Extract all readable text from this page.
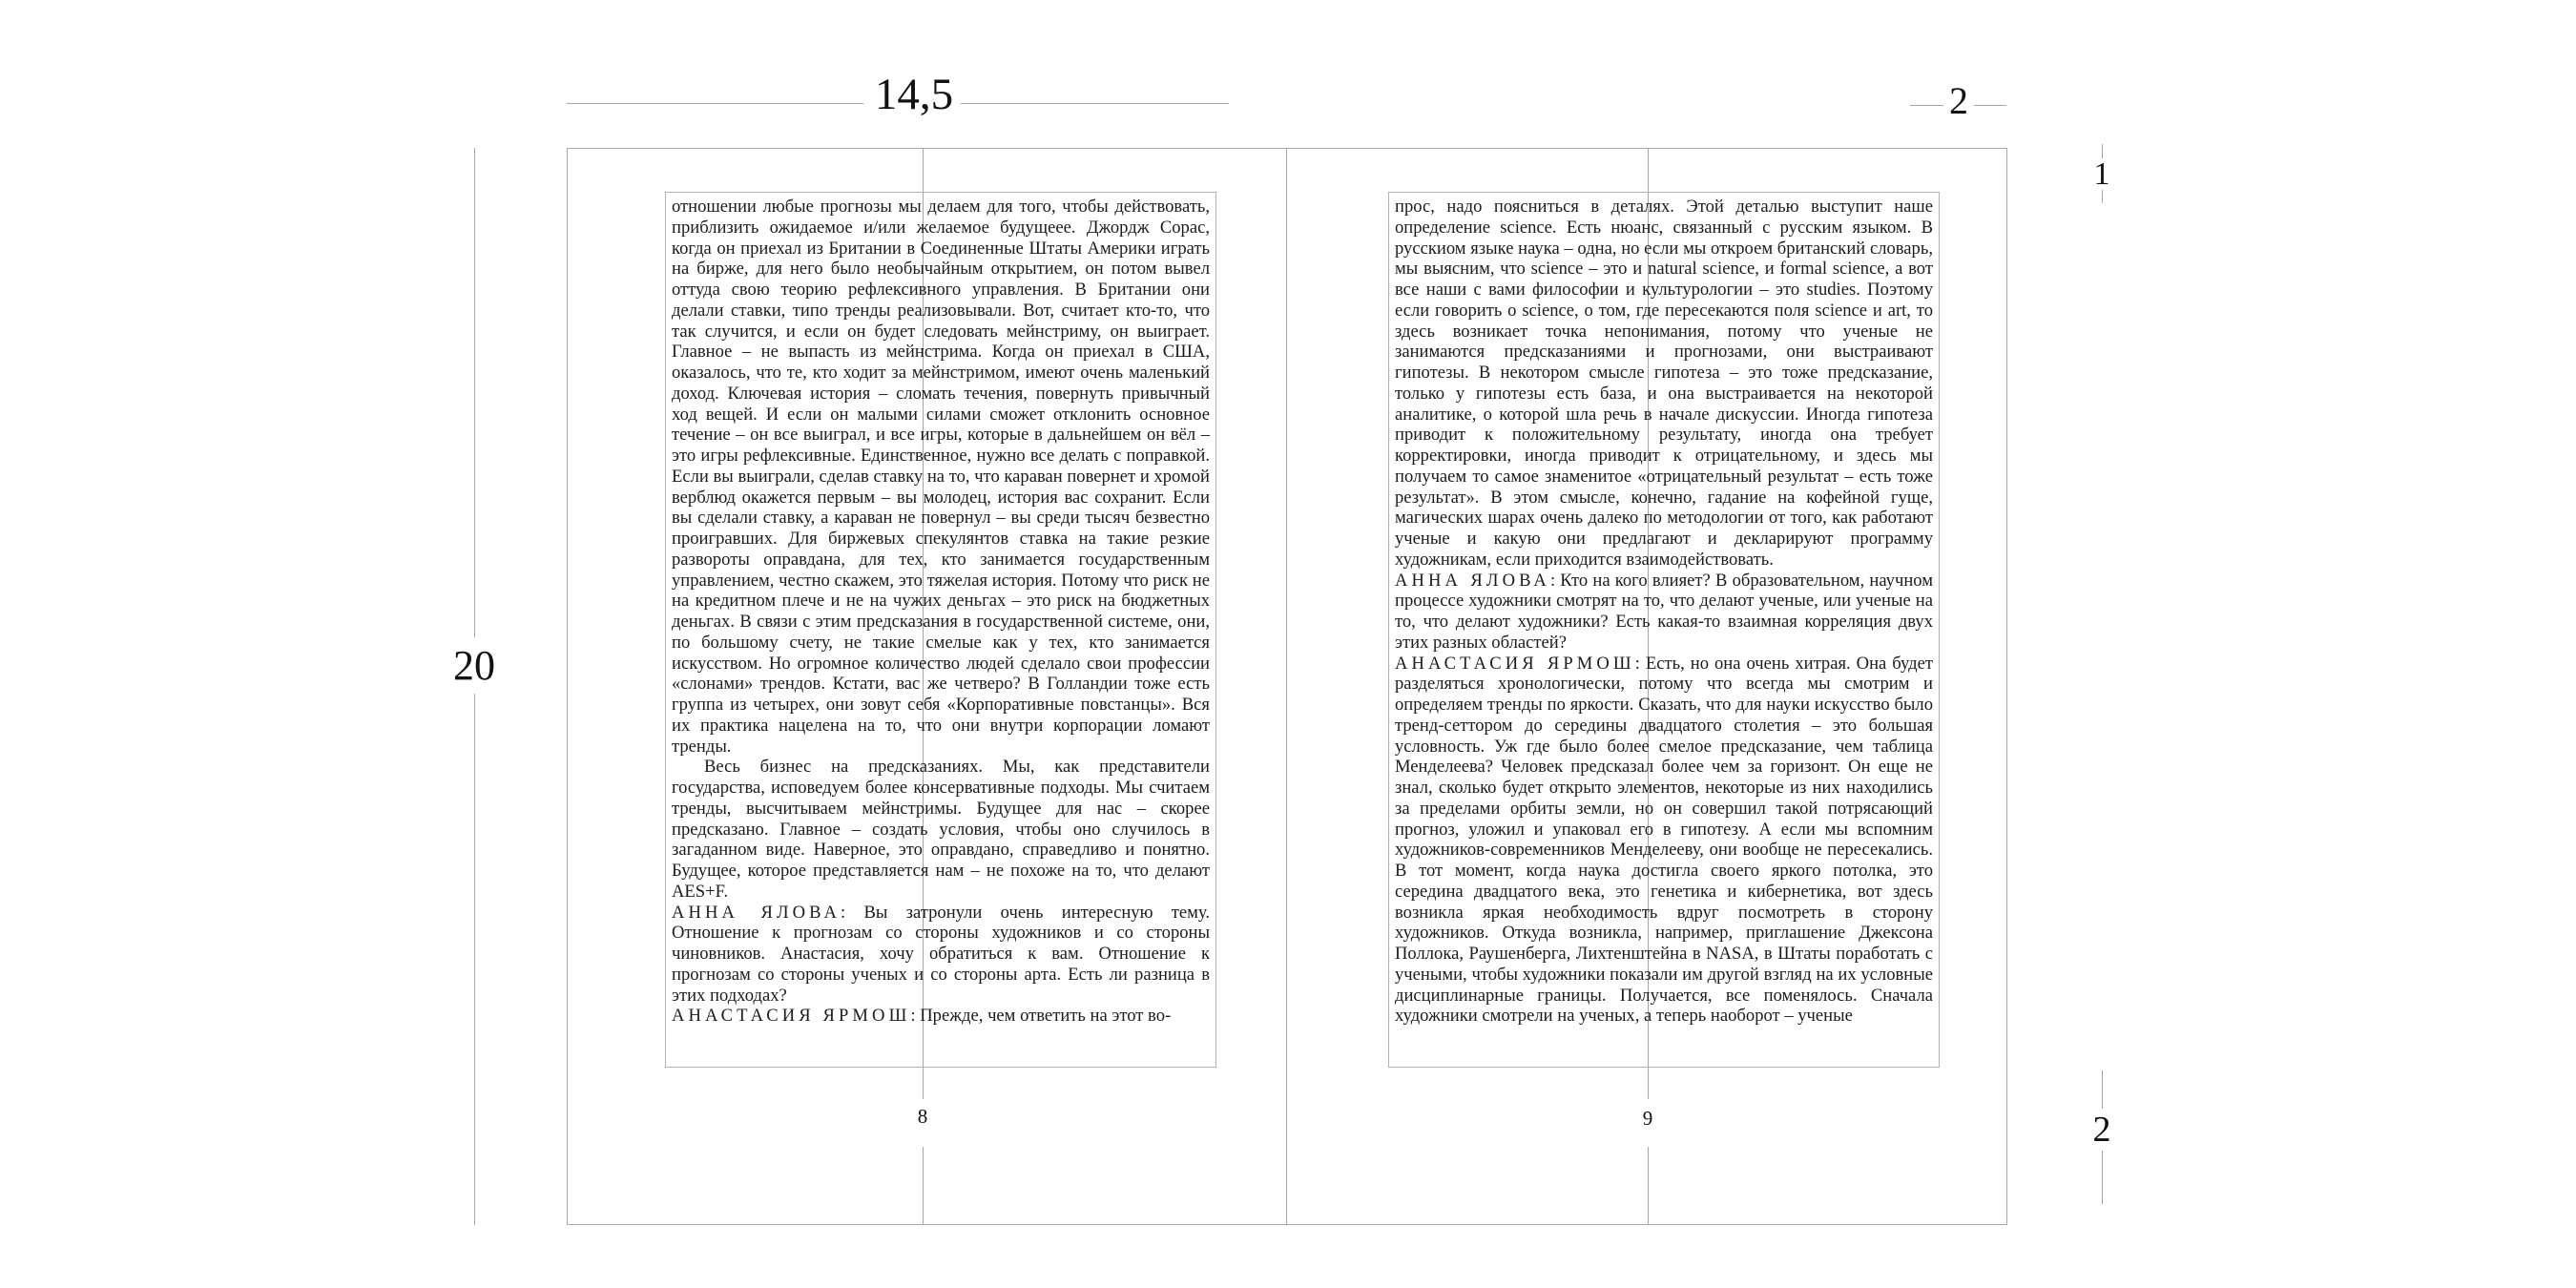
14,5	2
20
1
2

отношении любые прогнозы мы делаем для того, чтобы действовать, приблизить ожидаемое и/или желаемое будущеее. Джордж Сорас, когда он приехал из Британии в Соединенные Штаты Америки играть на бирже, для него было необычайным открытием, он потом вывел оттуда свою теорию рефлексивного управления. В Британии они делали ставки, типо тренды реализовывали. Вот, считает кто-то, что так случится, и если он будет следовать мейнстриму, он выиграет. Главное – не выпасть из мейнстрима. Когда он приехал в США, оказалось, что те, кто ходит за мейнстримом, имеют очень маленький доход. Ключевая история – сломать течения, повернуть привычный ход вещей. И если он малыми силами сможет отклонить основное течение – он все выиграл, и все игры, которые в дальнейшем он вёл – это игры рефлексивные. Единственное, нужно все делать с поправкой. Если вы выиграли, сделав ставку на то, что караван повернет и хромой верблюд окажется первым – вы молодец, история вас сохранит. Если вы сделали ставку, а караван не повернул – вы среди тысяч безвестно проигравших. Для биржевых спекулянтов ставка на такие резкие развороты оправдана, для тех, кто занимается государственным управлением, честно скажем, это тяжелая история. Потому что риск не на кредитном плече и не на чужих деньгах – это риск на бюджетных деньгах. В связи с этим предсказания в государственной системе, они, по большому счету, не такие смелые как у тех, кто занимается искусством. Но огромное количество людей сделало свои профессии «слонами» трендов. Кстати, вас же четверо? В Голландии тоже есть группа из четырех, они зовут себя «Корпоративные повстанцы». Вся их практика нацелена на то, что они внутри корпорации ломают тренды.

Весь бизнес на предсказаниях. Мы, как представители государства, исповедуем более консервативные подходы. Мы считаем тренды, высчитываем мейнстримы. Будущее для нас – скорее предсказано. Главное – создать условия, чтобы оно случилось в загаданном виде. Наверное, это оправдано, справедливо и понятно. Будущее, которое представляется нам – не похоже на то, что делают AES+F.

АННА ЯЛОВА: Вы затронули очень интересную тему. Отношение к прогнозам со стороны художников и со стороны чиновников. Анастасия, хочу обратиться к вам. Отношение к прогнозам со стороны ученых и со стороны арта. Есть ли разница в этих подходах?

АНАСТАСИЯ ЯРМОШ: Прежде, чем ответить на этот во-

прос, надо поясниться в деталях. Этой деталью выступит наше определение science. Есть нюанс, связанный с русским языком. В русскиом языке наука – одна, но если мы откроем британский словарь, мы выясним, что science – это и natural science, и formal science, а вот все наши с вами философии и культурологии – это studies. Поэтому если говорить о science, о том, где пересекаются поля science и art, то здесь возникает точка непонимания, потому что ученые не занимаются предсказаниями и прогнозами, они выстраивают гипотезы. В некотором смысле гипотеза – это тоже предсказание, только у гипотезы есть база, и она выстраивается на некоторой аналитике, о которой шла речь в начале дискуссии. Иногда гипотеза приводит к положительному результату, иногда она требует корректировки, иногда приводит к отрицательному, и здесь мы получаем то самое знаменитое «отрицательный результат – есть тоже результат». В этом смысле, конечно, гадание на кофейной гуще, магических шарах очень далеко по методологии от того, как работают ученые и какую они предлагают и декларируют программу художникам, если приходится взаимодействовать.

АННА ЯЛОВА: Кто на кого влияет? В образовательном, научном процессе художники смотрят на то, что делают ученые, или ученые на то, что делают художники? Есть какая-то взаимная корреляция двух этих разных областей?

АНАСТАСИЯ ЯРМОШ: Есть, но она очень хитрая. Она будет разделяться хронологически, потому что всегда мы смотрим и определяем тренды по яркости. Сказать, что для науки искусство было тренд-сеттором до середины двадцатого столетия – это большая условность. Уж где было более смелое предсказание, чем таблица Менделеева? Человек предсказал более чем за горизонт. Он еще не знал, сколько будет открыто элементов, некоторые из них находились за пределами орбиты земли, но он совершил такой потрясающий прогноз, уложил и упаковал его в гипотезу. А если мы вспомним художников-современников Менделееву, они вообще не пересекались. В тот момент, когда наука достигла своего яркого потолка, это середина двадцатого века, это генетика и кибернетика, вот здесь возникла яркая необходимость вдруг посмотреть в сторону художников. Откуда возникла, например, приглашение Джексона Поллока, Раушенберга, Лихтенштейна в NASA, в Штаты поработать с учеными, чтобы художники показали им другой взгляд на их условные дисциплинарные границы. Получается, все поменялось. Сначала художники смотрели на ученых, а теперь наоборот – ученые

8	9
